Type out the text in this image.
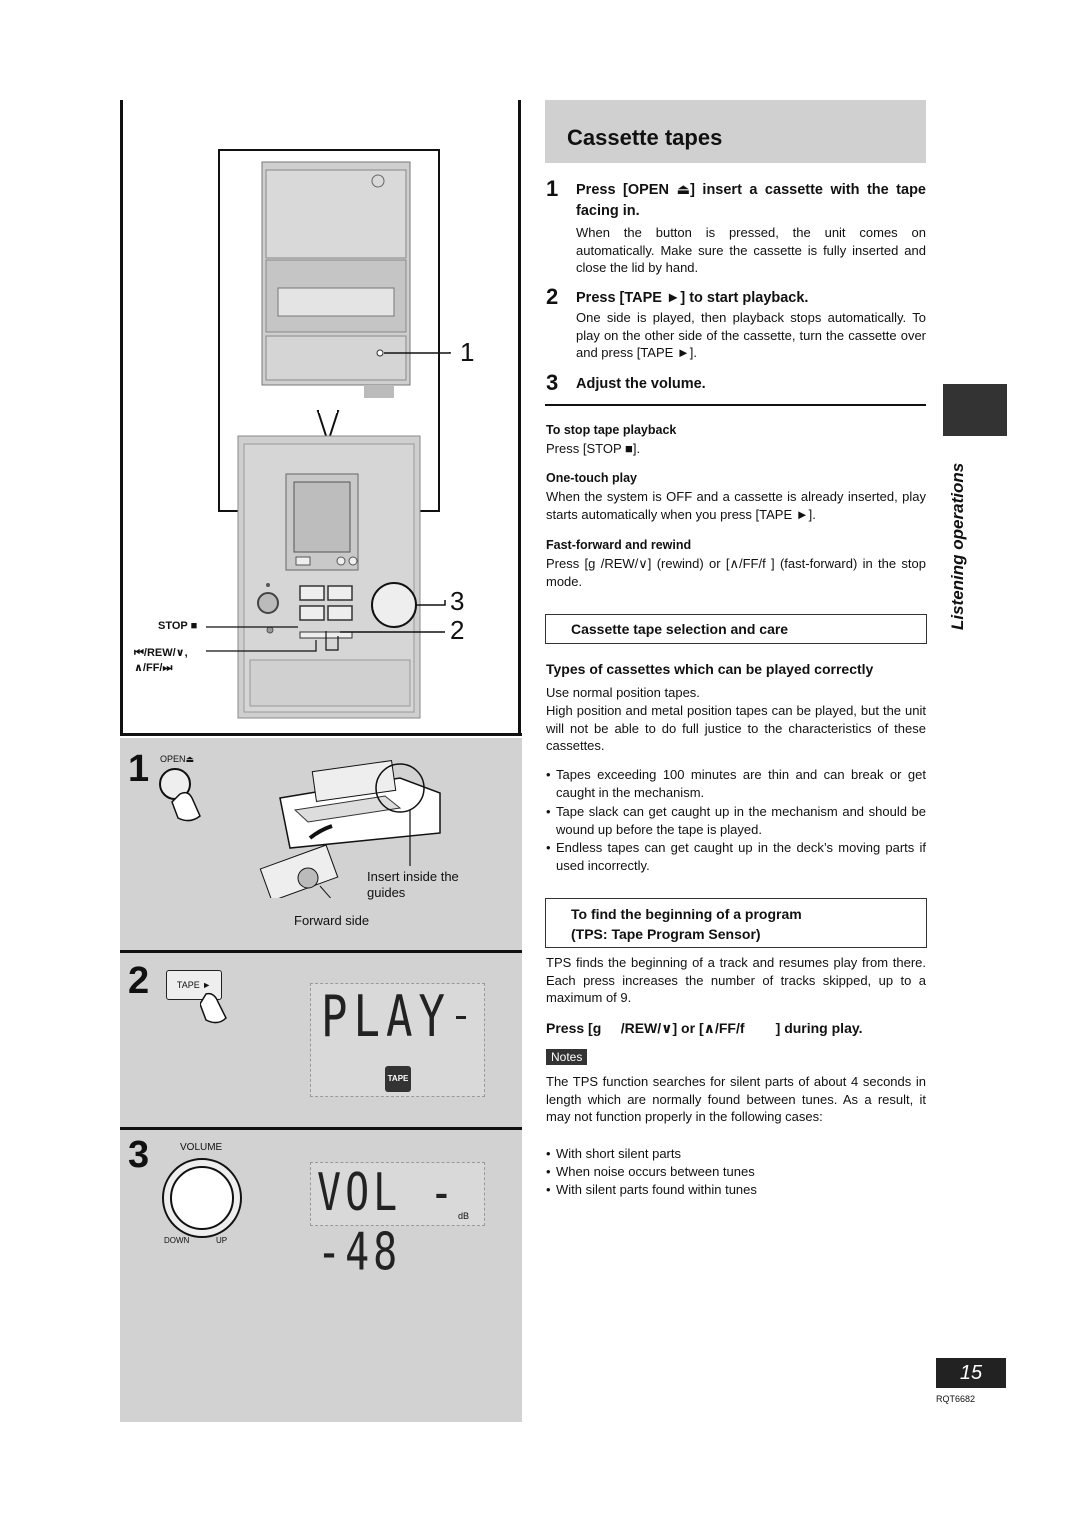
1
3
2
STOP ■
⏮/REW/∨,
∧/FF/⏭
1 OPEN⏏
Insert inside the guides
Forward side
2	TAPE ► PLAY
TAPE
3	VOLUME
DOWN	UP
VOL --48
dB
Cassette tapes
1 Press [OPEN ⏏] insert a cassette with the tape facing in.
When the button is pressed, the unit comes on automatically. Make sure the cassette is fully inserted and close the lid by hand.
2 Press [TAPE ►] to start playback.
One side is played, then playback stops automatically. To play on the other side of the cassette, turn the cassette over and press [TAPE ►].
3 Adjust the volume.
To stop tape playback
Press [STOP ■].
One-touch play
When the system is OFF and a cassette is already inserted, play starts automatically when you press [TAPE ►].
Fast-forward and rewind
Press [g /REW/∨] (rewind) or [∧/FF/f ] (fast-forward) in the stop mode.
Cassette tape selection and care
Types of cassettes which can be played correctly
Use normal position tapes.
High position and metal position tapes can be played, but the unit will not be able to do full justice to the characteristics of these cassettes.
• Tapes exceeding 100 minutes are thin and can break or get caught in the mechanism.
• Tape slack can get caught up in the mechanism and should be wound up before the tape is played.
• Endless tapes can get caught up in the deck’s moving parts if used incorrectly.
To find the beginning of a program
(TPS: Tape Program Sensor)
TPS finds the beginning of a track and resumes play from there. Each press increases the number of tracks skipped, up to a maximum of 9.
Press [g     /REW/∨] or [∧/FF/f        ] during play.
Notes
The TPS function searches for silent parts of about 4 seconds in length which are normally found between tunes. As a result, it may not function properly in the following cases:
• With short silent parts
• When noise occurs between tunes
• With silent parts found within tunes
Listening operations
15
RQT6682
